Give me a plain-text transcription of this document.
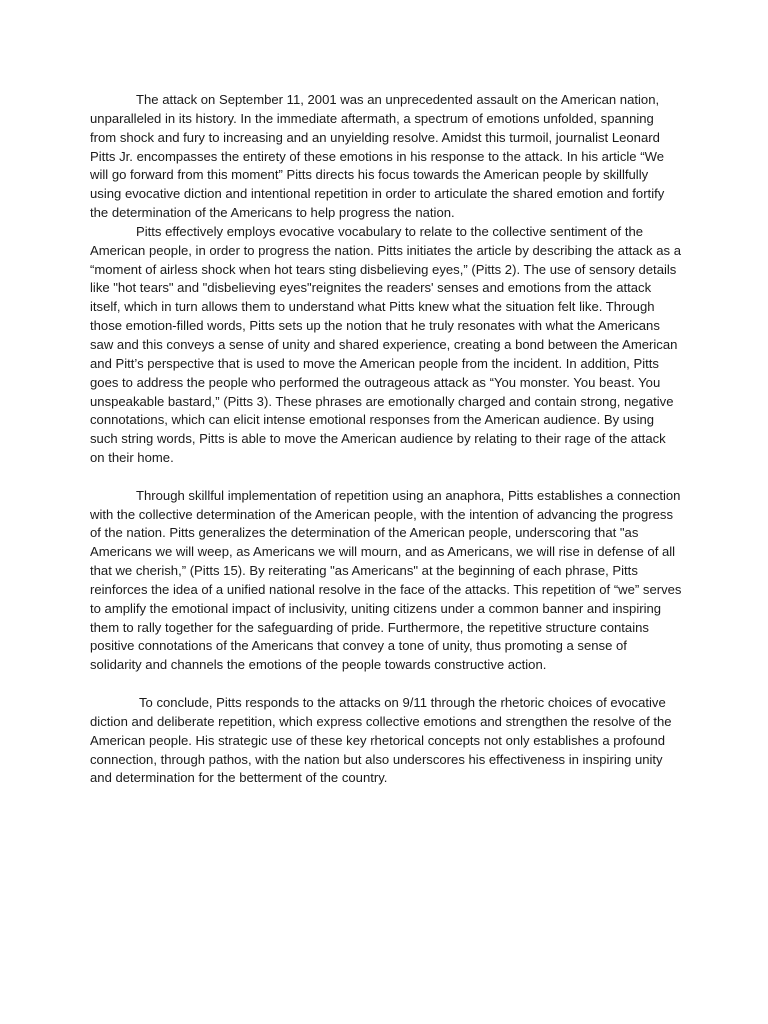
The attack on September 11, 2001 was an unprecedented assault on the American nation, unparalleled in its history. In the immediate aftermath, a spectrum of emotions unfolded, spanning from shock and fury to increasing and an unyielding resolve. Amidst this turmoil, journalist Leonard Pitts Jr. encompasses the entirety of these emotions in his response to the attack. In his article “We will go forward from this moment” Pitts directs his focus towards the American people by skillfully using evocative diction and intentional repetition in order to articulate the shared emotion and fortify the determination of the Americans to help progress the nation.

Pitts effectively employs evocative vocabulary to relate to the collective sentiment of the American people, in order to progress the nation. Pitts initiates the article by describing the attack as a “moment of airless shock when hot tears sting disbelieving eyes,” (Pitts 2). The use of sensory details like "hot tears" and "disbelieving eyes"reignites the readers' senses and emotions from the attack itself, which in turn allows them to understand what Pitts knew what the situation felt like. Through those emotion-filled words, Pitts sets up the notion that he truly resonates with what the Americans saw and this conveys a sense of unity and shared experience, creating a bond between the American and Pitt’s perspective that is used to move the American people from the incident. In addition, Pitts goes to address the people who performed the outrageous attack as “You monster. You beast. You unspeakable bastard,” (Pitts 3). These phrases are emotionally charged and contain strong, negative connotations, which can elicit intense emotional responses from the American audience. By using such string words, Pitts is able to move the American audience by relating to their rage of the attack on their home.

Through skillful implementation of repetition using an anaphora, Pitts establishes a connection with the collective determination of the American people, with the intention of advancing the progress of the nation. Pitts generalizes the determination of the American people, underscoring that "as Americans we will weep, as Americans we will mourn, and as Americans, we will rise in defense of all that we cherish,” (Pitts 15). By reiterating "as Americans" at the beginning of each phrase, Pitts reinforces the idea of a unified national resolve in the face of the attacks. This repetition of “we” serves to amplify the emotional impact of inclusivity, uniting citizens under a common banner and inspiring them to rally together for the safeguarding of pride. Furthermore, the repetitive structure contains positive connotations of the Americans that convey a tone of unity, thus promoting a sense of solidarity and channels the emotions of the people towards constructive action.

To conclude, Pitts responds to the attacks on 9/11 through the rhetoric choices of evocative diction and deliberate repetition, which express collective emotions and strengthen the resolve of the American people. His strategic use of these key rhetorical concepts not only establishes a profound connection, through pathos, with the nation but also underscores his effectiveness in inspiring unity and determination for the betterment of the country.
